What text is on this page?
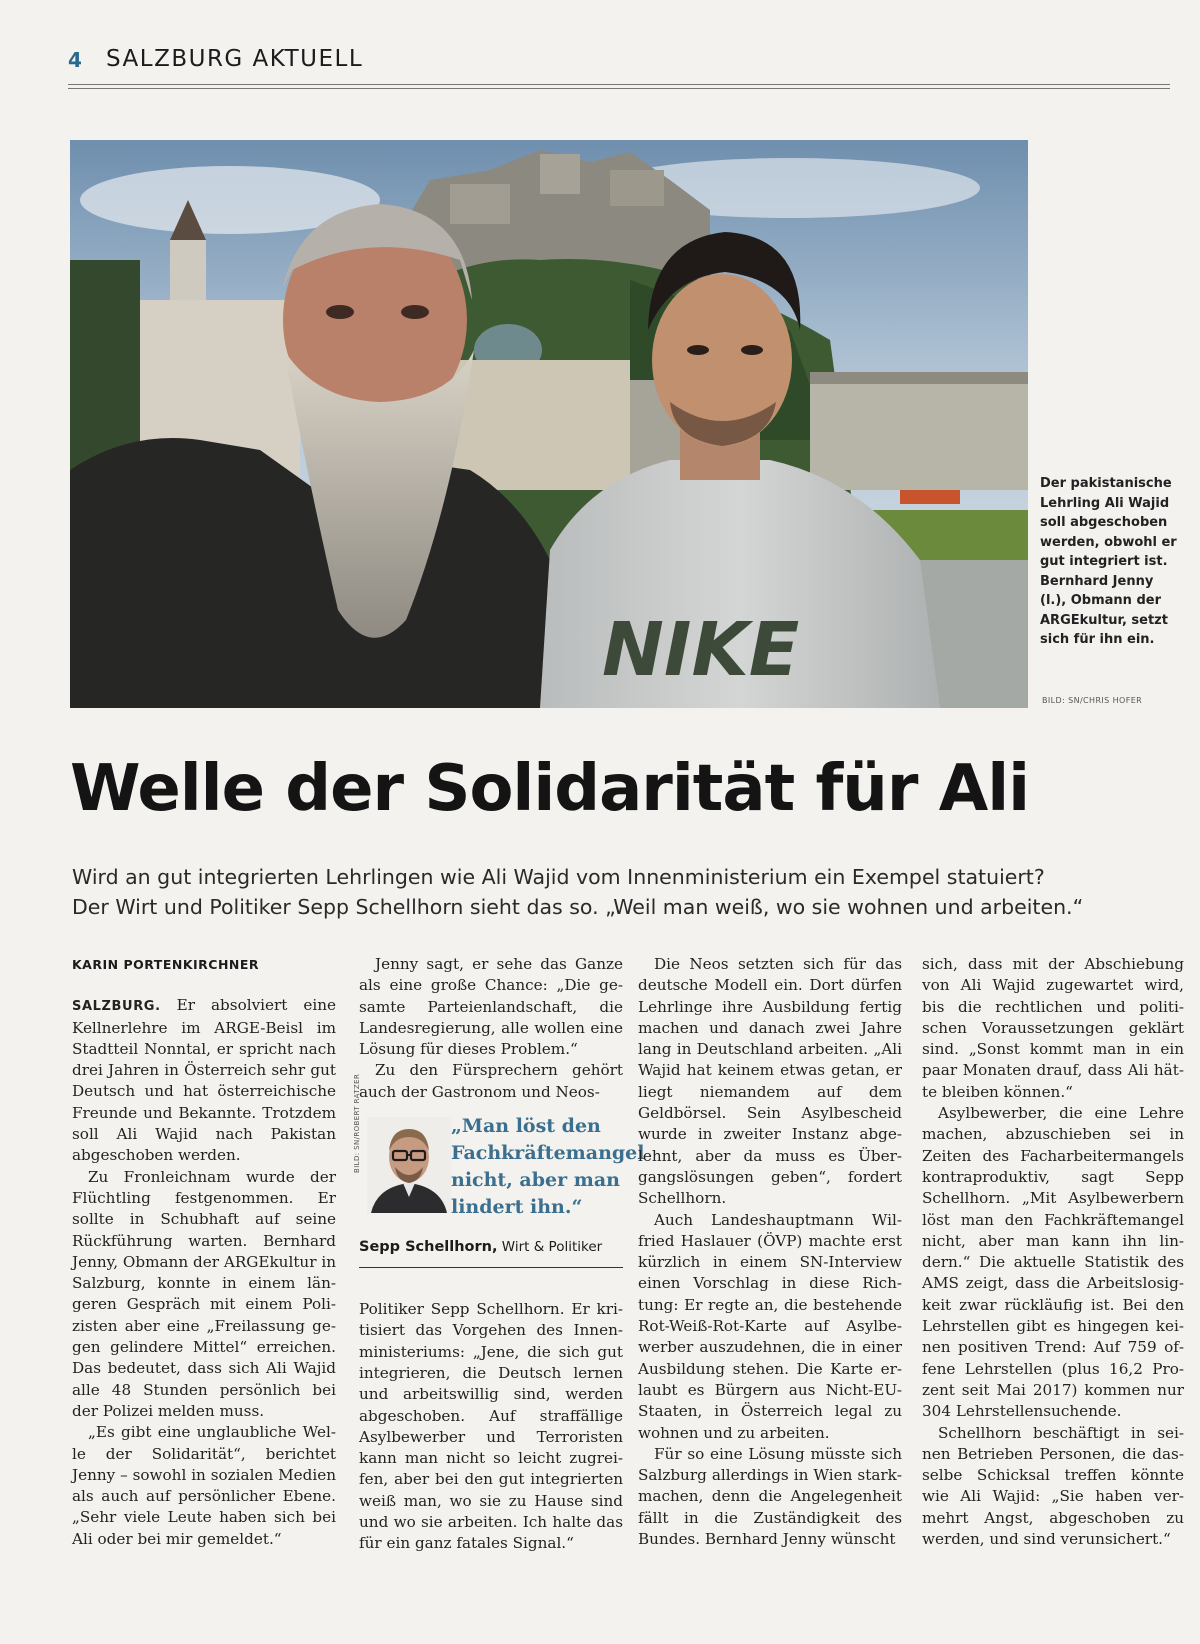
4 SALZBURG AKTUELL
NIKE
Der pakistanische Lehrling Ali Wajid soll abgeschoben werden, obwohl er gut integriert ist. Bernhard Jenny (l.), Obmann der ARGEkultur, setzt sich für ihn ein.
BILD: SN/CHRIS HOFER
Welle der Solidarität für Ali
Wird an gut integrierten Lehrlingen wie Ali Wajid vom Innenministerium ein Exempel statuiert?
Der Wirt und Politiker Sepp Schellhorn sieht das so. „Weil man weiß, wo sie wohnen und arbeiten.“
KARIN PORTENKIRCHNER

SALZBURG. Er absolviert eine Kellnerlehre im ARGE-Beisl im Stadtteil Nonntal, er spricht nach drei Jahren in Österreich sehr gut Deutsch und hat österreichische Freunde und Bekannte. Trotzdem soll Ali Wajid nach Pakistan abgeschoben werden.

Zu Fronleichnam wurde der Flüchtling festgenommen. Er sollte in Schubhaft auf seine Rückführung warten. Bernhard Jenny, Obmann der ARGEkultur in Salzburg, konnte in einem längeren Gespräch mit einem Polizisten aber eine „Freilassung gegen gelindere Mittel“ erreichen. Das bedeutet, dass sich Ali Wajid alle 48 Stunden persönlich bei der Polizei melden muss.

„Es gibt eine unglaubliche Welle der Solidarität“, berichtet Jenny – sowohl in sozialen Medien als auch auf persönlicher Ebene. „Sehr viele Leute haben sich bei Ali oder bei mir gemeldet.“

Jenny sagt, er sehe das Ganze als eine große Chance: „Die gesamte Parteienlandschaft, die Landesregierung, alle wollen eine Lösung für dieses Problem.“

Zu den Fürsprechern gehört auch der Gastronom und Neos-

BILD: SN/ROBERT RATZER	„Man löst den Fachkräftemangel nicht, aber man lindert ihn.“
Sepp Schellhorn, Wirt & Politiker

Politiker Sepp Schellhorn. Er kritisiert das Vorgehen des Innenministeriums: „Jene, die sich gut integrieren, die Deutsch lernen und arbeitswillig sind, werden abgeschoben. Auf straffällige Asylbewerber und Terroristen kann man nicht so leicht zugreifen, aber bei den gut integrierten weiß man, wo sie zu Hause sind und wo sie arbeiten. Ich halte das für ein ganz fatales Signal.“

Die Neos setzten sich für das deutsche Modell ein. Dort dürfen Lehrlinge ihre Ausbildung fertig machen und danach zwei Jahre lang in Deutschland arbeiten. „Ali Wajid hat keinem etwas getan, er liegt niemandem auf dem Geldbörsel. Sein Asylbescheid wurde in zweiter Instanz abgelehnt, aber da muss es Übergangslösungen geben“, fordert Schellhorn.

Auch Landeshauptmann Wilfried Haslauer (ÖVP) machte erst kürzlich in einem SN-Interview einen Vorschlag in diese Richtung: Er regte an, die bestehende Rot-Weiß-Rot-Karte auf Asylbewerber auszudehnen, die in einer Ausbildung stehen. Die Karte erlaubt es Bürgern aus Nicht-EU-Staaten, in Österreich legal zu wohnen und zu arbeiten.

Für so eine Lösung müsste sich Salzburg allerdings in Wien starkmachen, denn die Angelegenheit fällt in die Zuständigkeit des Bundes. Bernhard Jenny wünscht

sich, dass mit der Abschiebung von Ali Wajid zugewartet wird, bis die rechtlichen und politischen Voraussetzungen geklärt sind. „Sonst kommt man in ein paar Monaten drauf, dass Ali hätte bleiben können.“

Asylbewerber, die eine Lehre machen, abzuschieben sei in Zeiten des Facharbeitermangels kontraproduktiv, sagt Sepp Schellhorn. „Mit Asylbewerbern löst man den Fachkräftemangel nicht, aber man kann ihn lindern.“ Die aktuelle Statistik des AMS zeigt, dass die Arbeitslosigkeit zwar rückläufig ist. Bei den Lehrstellen gibt es hingegen keinen positiven Trend: Auf 759 offene Lehrstellen (plus 16,2 Prozent seit Mai 2017) kommen nur 304 Lehrstellensuchende.

Schellhorn beschäftigt in seinen Betrieben Personen, die dasselbe Schicksal treffen könnte wie Ali Wajid: „Sie haben vermehrt Angst, abgeschoben zu werden, und sind verunsichert.“
